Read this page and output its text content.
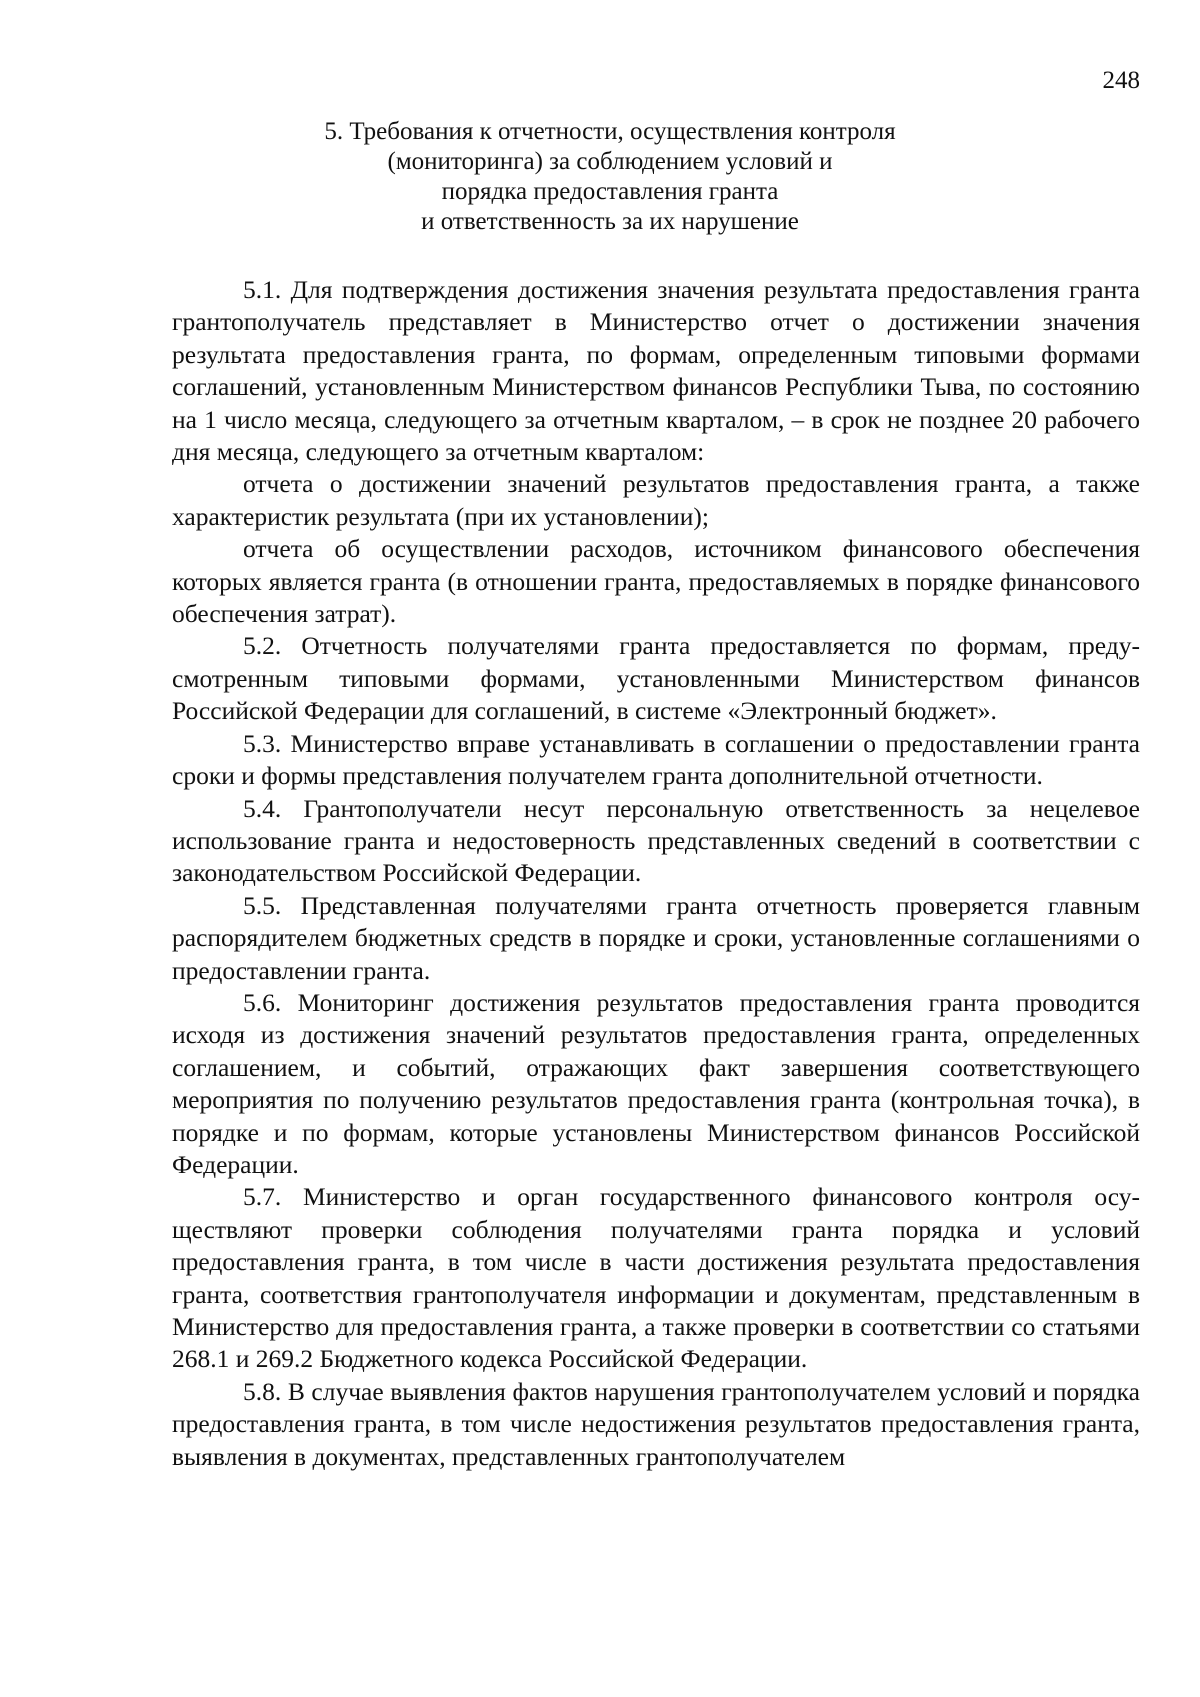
248
5. Требования к отчетности, осуществления контроля
(мониторинга) за соблюдением условий и
порядка предоставления гранта
и ответственность за их нарушение

5.1. Для подтверждения достижения значения результата предоставления гранта грантополучатель представляет в Министерство отчет о достижении значения результата предоставления гранта, по формам, определенным типовыми формами соглашений, установленным Министерством финансов Республики Тыва, по состоянию на 1 число месяца, следующего за отчетным кварталом, – в срок не позднее 20 рабочего дня месяца, следующего за отчетным кварталом:

отчета о достижении значений результатов предоставления гранта, а также характеристик результата (при их установлении);

отчета об осуществлении расходов, источником финансового обеспечения которых является гранта (в отношении гранта, предоставляемых в порядке финансового обеспечения затрат).

5.2. Отчетность получателями гранта предоставляется по формам, предусмотренным типовыми формами, установленными Министерством финансов Российской Федерации для соглашений, в системе «Электронный бюджет».

5.3. Министерство вправе устанавливать в соглашении о предоставлении гранта сроки и формы представления получателем гранта дополнительной отчетности.

5.4. Грантополучатели несут персональную ответственность за нецелевое использование гранта и недостоверность представленных сведений в соответствии с законодательством Российской Федерации.

5.5. Представленная получателями гранта отчетность проверяется главным распорядителем бюджетных средств в порядке и сроки, установленные соглашениями о предоставлении гранта.

5.6. Мониторинг достижения результатов предоставления гранта проводится исходя из достижения значений результатов предоставления гранта, определенных соглашением, и событий, отражающих факт завершения соответствующего мероприятия по получению результатов предоставления гранта (контрольная точка), в порядке и по формам, которые установлены Министерством финансов Российской Федерации.

5.7. Министерство и орган государственного финансового контроля осуществляют проверки соблюдения получателями гранта порядка и условий предоставления гранта, в том числе в части достижения результата предоставления гранта, соответствия грантополучателя информации и документам, представленным в Министерство для предоставления гранта, а также проверки в соответствии со статьями 268.1 и 269.2 Бюджетного кодекса Российской Федерации.

5.8. В случае выявления фактов нарушения грантополучателем условий и порядка предоставления гранта, в том числе недостижения результатов предоставления гранта, выявления в документах, представленных грантополучателем
